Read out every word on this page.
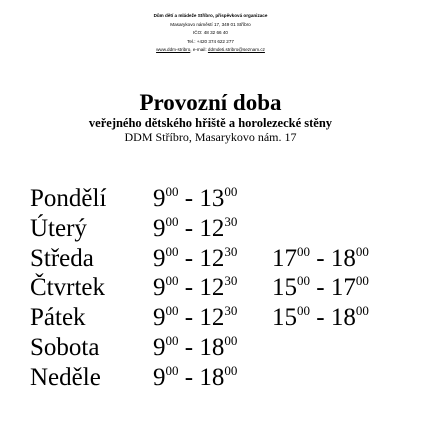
Dům dětí a mládeže Stříbro, příspěvková organizace
Masarykovo náměstí 17, 349 01 Stříbro
IČO: 48 32 66 40
Tel.: +420 374 622 277
www.ddm-stribro, e-mail: ddmdeti.stribro@seznam.cz
Provozní doba
veřejného dětského hřiště a horolezecké stěny
DDM Stříbro, Masarykovo nám. 17
Pondělí $9^{00} - 13^{00}$
Úterý	$9^{00} - 12^{30}$
Středa $9^{00} - 12^{30}$ $17^{00} - 18^{00}$
Čtvrtek $9^{00} - 12^{30}$ $15^{00} - 17^{00}$
Pátek	$9^{00} - 12^{30}$ $15^{00} - 18^{00}$
Sobota $9^{00} - 18^{00}$
Neděle $9^{00} - 18^{00}$
